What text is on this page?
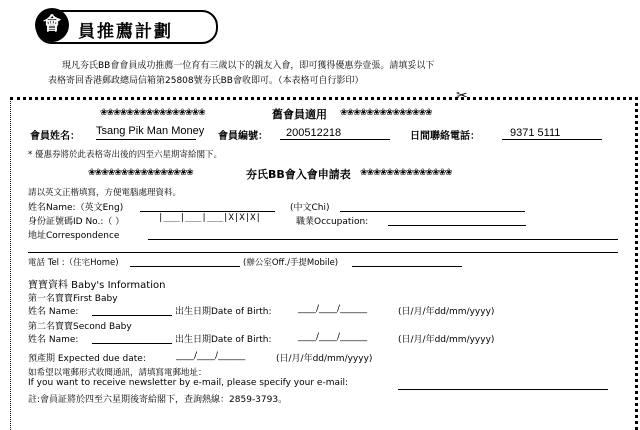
會	員推薦計劃
現凡夯氏BB會會員成功推薦一位育有三歲以下的親友入會，即可獲得優惠券壹張。請填妥以下
表格寄回香港郵政總局信箱第25808號夯氏BB會收即可。（本表格可自行影印）
✂
❀❀❀❀❀❀❀❀❀❀❀❀❀❀❀❀	舊會員適用 ❀❀❀❀❀❀❀❀❀❀❀❀❀❀
會員姓名： Tsang Pik Man Money 會員編號： 200512218	日間聯絡電話：	9371 5111
* 優惠券將於此表格寄出後的四至六星期寄給閣下。
❀❀❀❀❀❀❀❀❀❀❀❀❀❀❀❀	夯氏BB會入會申請表 ❀❀❀❀❀❀❀❀❀❀❀❀❀❀
請以英文正楷填寫，方便電腦處理資料。
姓名Name:（英文Eng)	(中文Chi)
身份証號碼ID No.:（ ）	|___|___|___|X|X|X|	職業Occupation:
地址Correspondence
電話 Tel :（住宅Home)	(辦公室Off./手提Mobile)
寶寶資料 Baby's Information
第一名寶寶First Baby
姓名 Name:	出生日期Date of Birth:	____/____/______	(日/月/年dd/mm/yyyy)
第二名寶寶Second Baby
姓名 Name:	出生日期Date of Birth:	____/____/______	(日/月/年dd/mm/yyyy)
預產期 Expected due date:	____/____/______	(日/月/年dd/mm/yyyy)
如希望以電郵形式收閱通訊，請填寫電郵地址：
If you want to receive newsletter by e-mail, please specify your e-mail:
註:會員証將於四至六星期後寄給閣下，查詢熱線：2859-3793。
